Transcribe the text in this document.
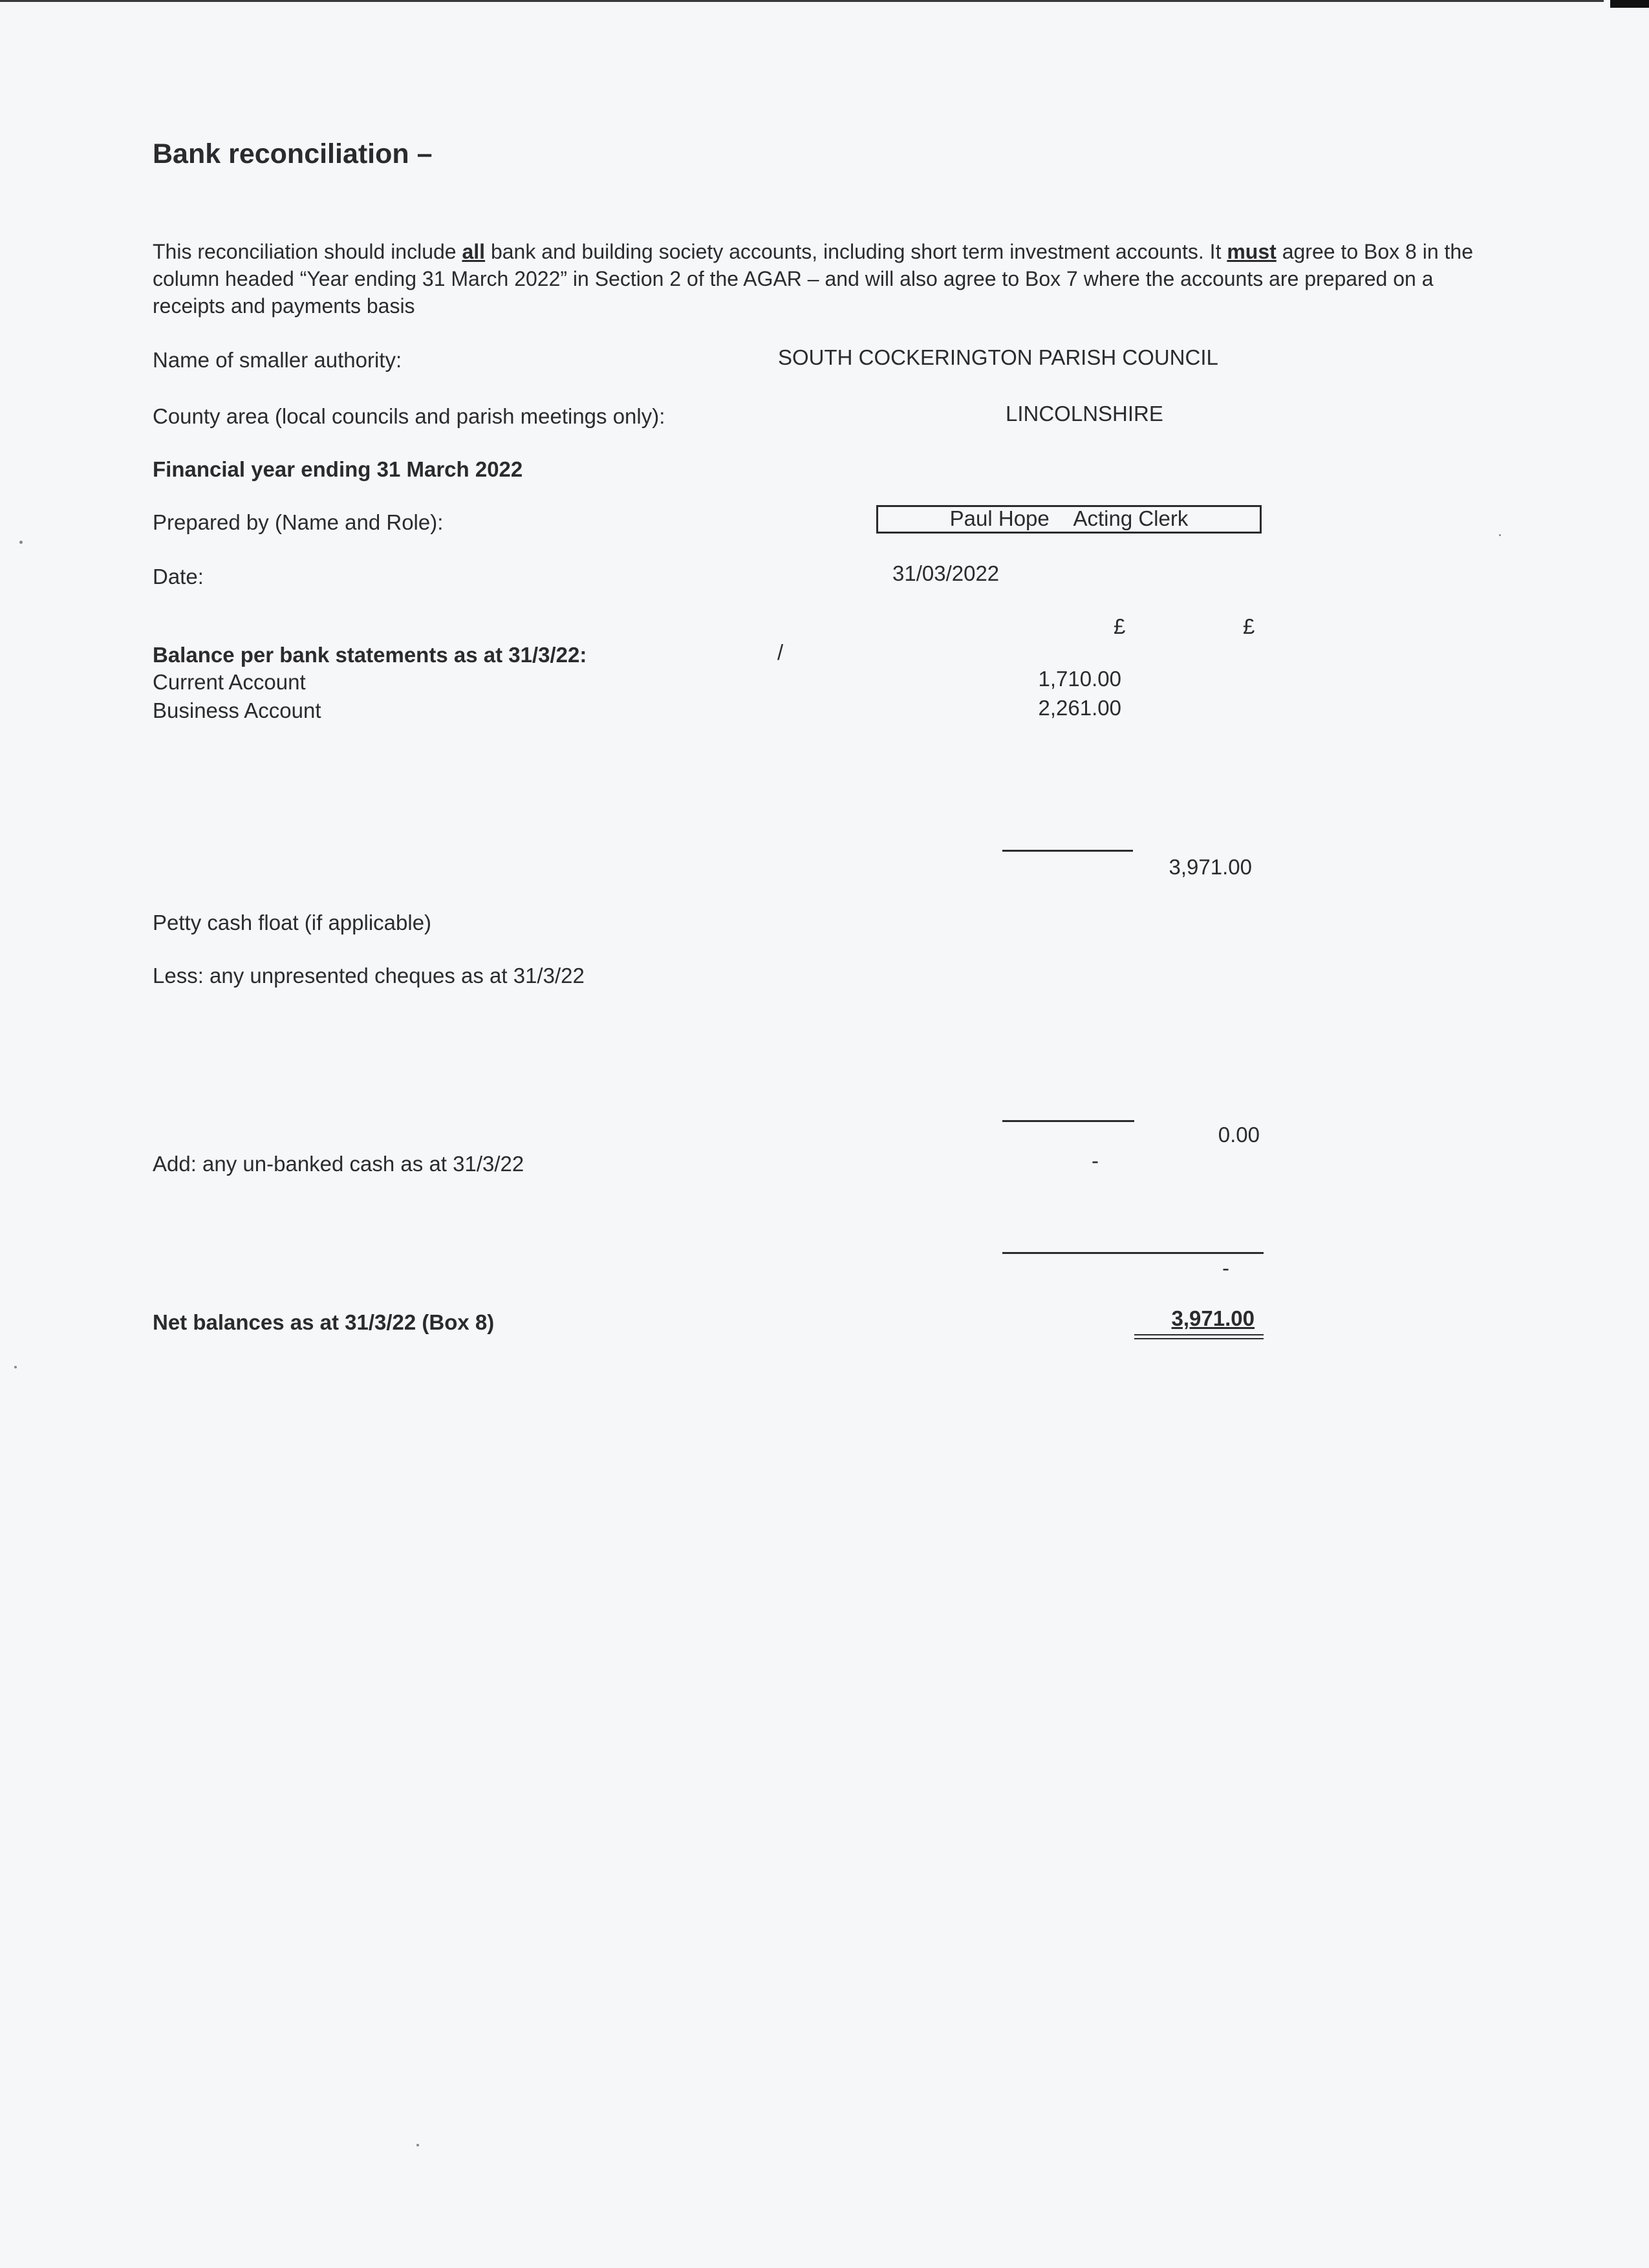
Bank reconciliation –
This reconciliation should include all bank and building society accounts, including short term investment accounts. It must agree to Box 8 in the column headed “Year ending 31 March 2022” in Section 2 of the AGAR – and will also agree to Box 7 where the accounts are prepared on a receipts and payments basis
Name of smaller authority:	SOUTH COCKERINGTON PARISH COUNCIL
County area (local councils and parish meetings only):	LINCOLNSHIRE
Financial year ending 31 March 2022
Prepared by (Name and Role):	Paul Hope Acting Clerk
Date:	31/03/2022
£	£
Balance per bank statements as at 31/3/22:	/
Current Account	1,710.00
Business Account	2,261.00
3,971.00
Petty cash float (if applicable)
Less: any unpresented cheques as at 31/3/22
0.00
Add: any un-banked cash as at 31/3/22	-
-
Net balances as at 31/3/22 (Box 8)	3,971.00
